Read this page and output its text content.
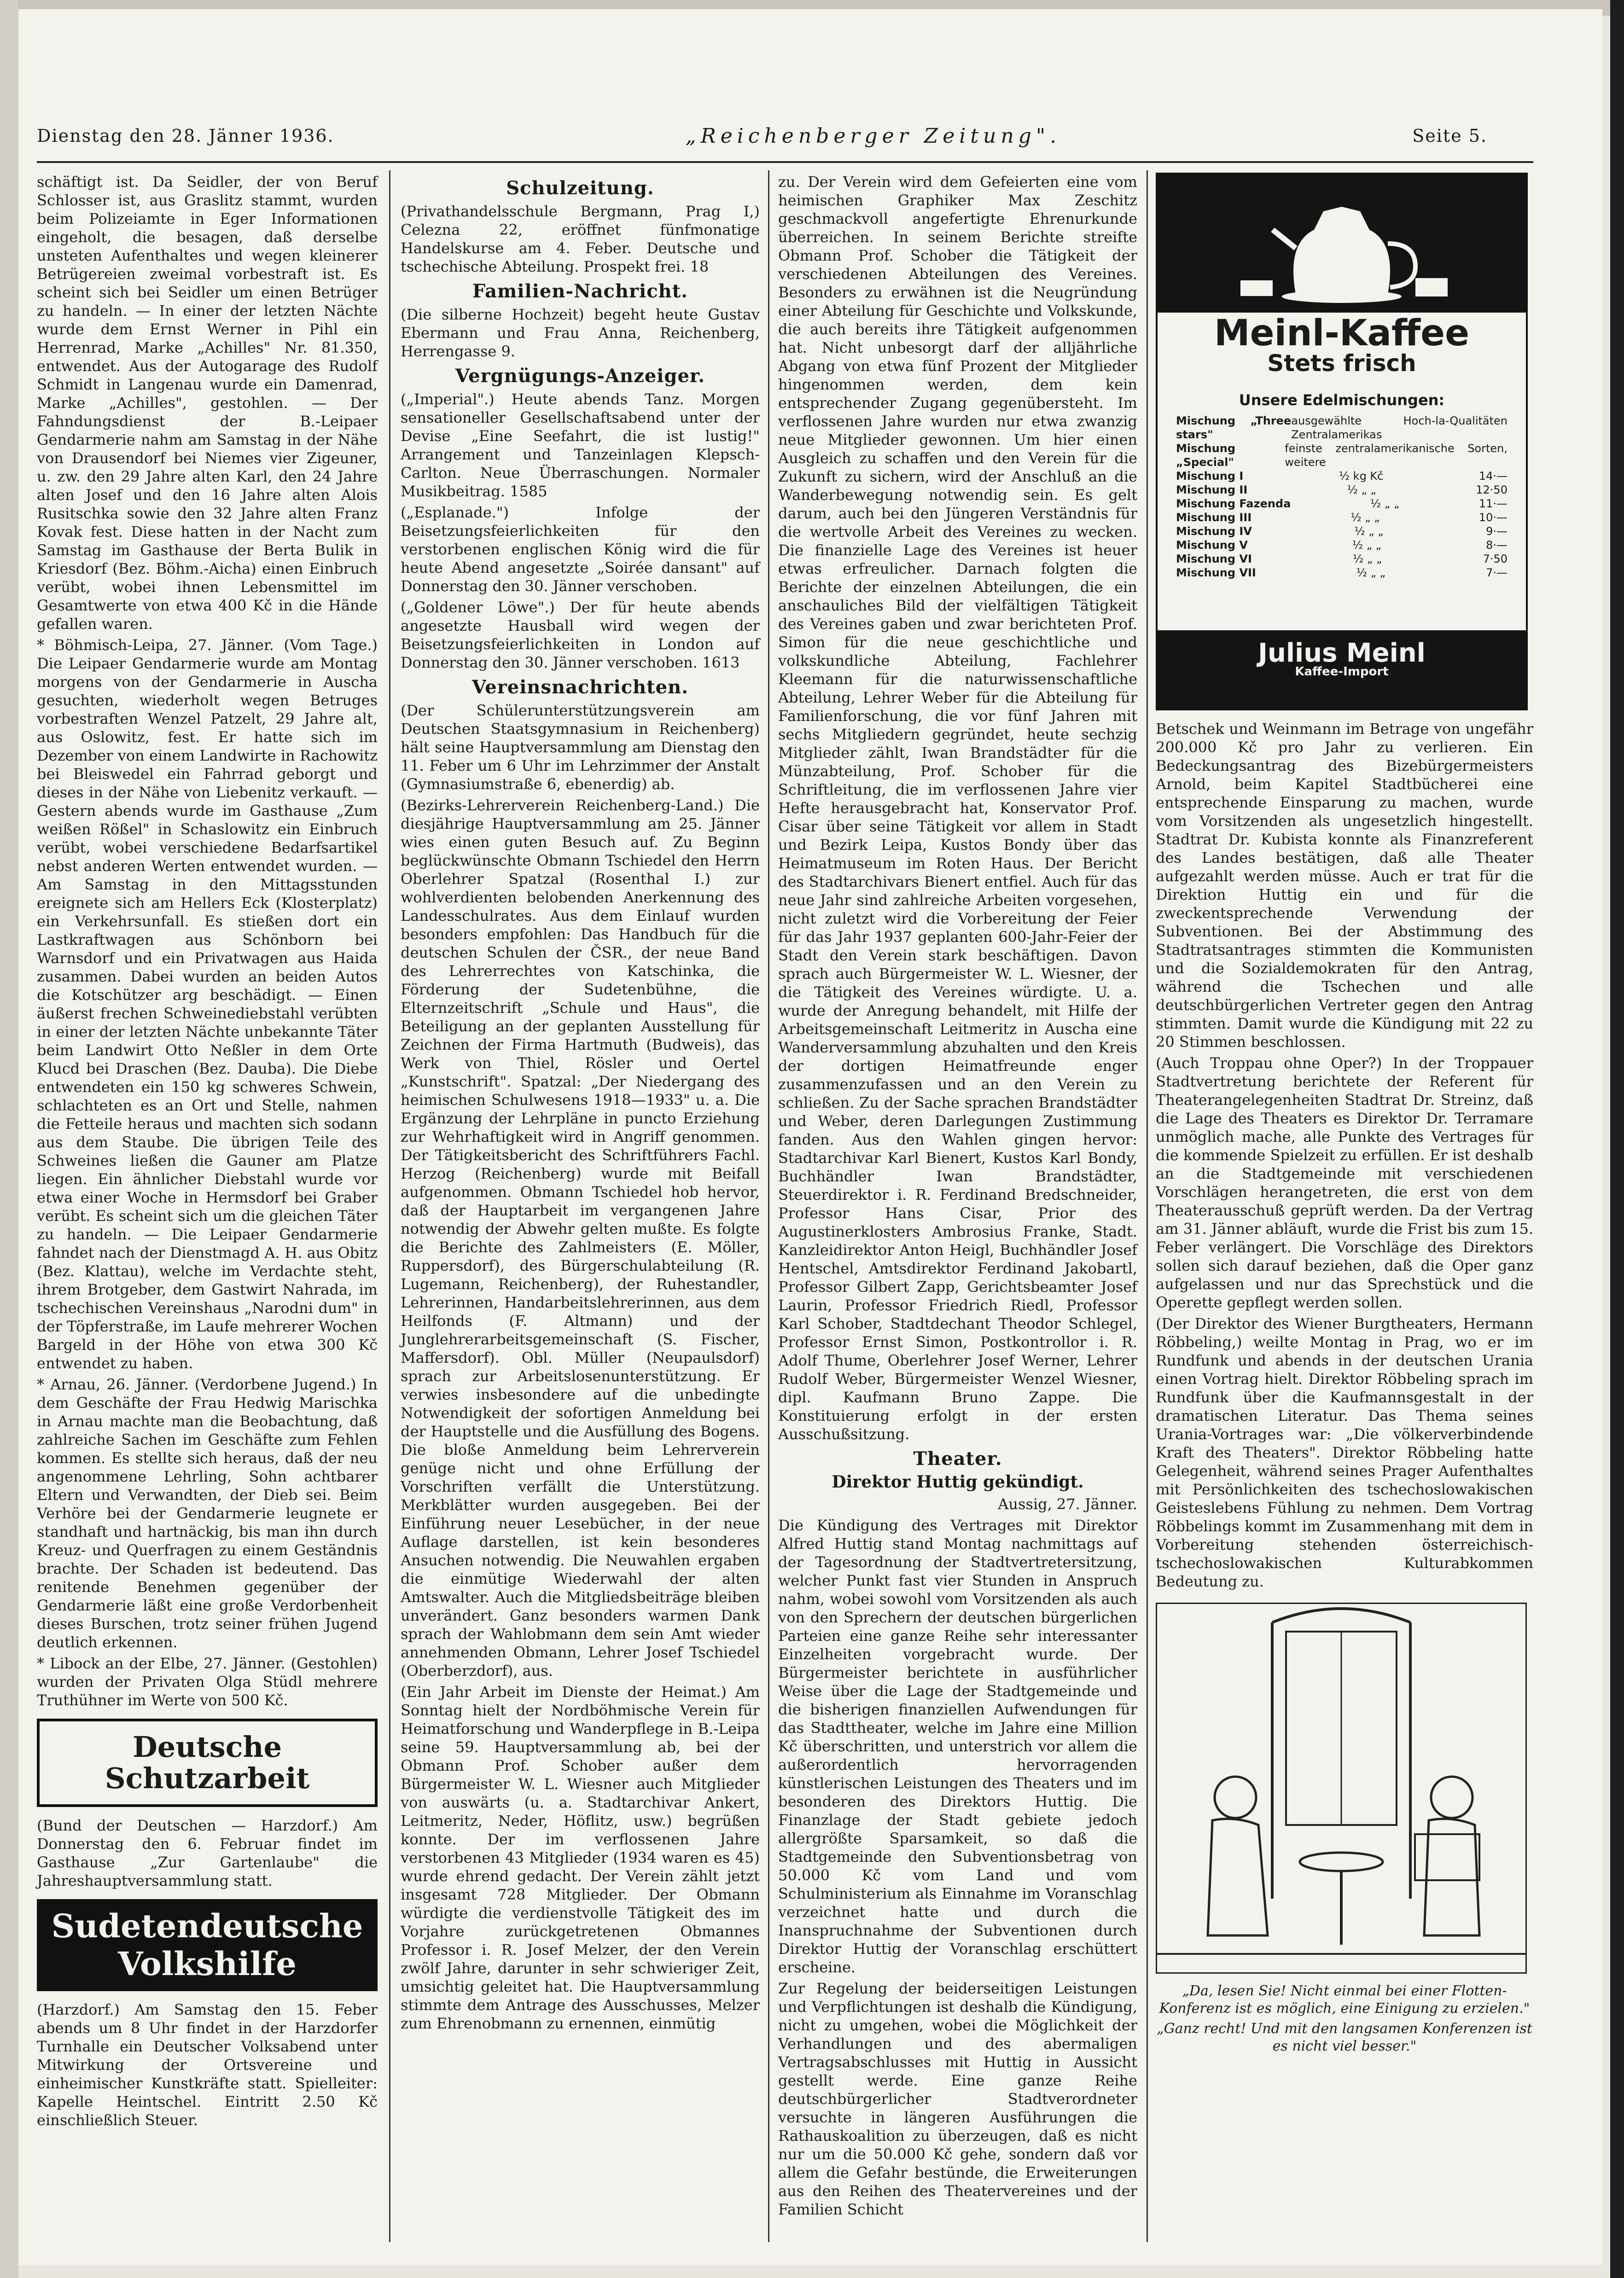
Dienstag den 28. Jänner 1936.	„Reichenberger Zeitung".	Seite 5.

schäftigt ist. Da Seidler, der von Beruf Schlosser ist, aus Graslitz stammt, wurden beim Polizeiamte in Eger Informationen eingeholt, die besagen, daß derselbe unsteten Aufenthaltes und wegen kleinerer Betrügereien zweimal vorbestraft ist. Es scheint sich bei Seidler um einen Betrüger zu handeln. — In einer der letzten Nächte wurde dem Ernst Werner in Pihl ein Herrenrad, Marke „Achilles" Nr. 81.350, entwendet. Aus der Autogarage des Rudolf Schmidt in Langenau wurde ein Damenrad, Marke „Achilles", gestohlen. — Der Fahndungsdienst der B.-Leipaer Gendarmerie nahm am Samstag in der Nähe von Drausendorf bei Niemes vier Zigeuner, u. zw. den 29 Jahre alten Karl, den 24 Jahre alten Josef und den 16 Jahre alten Alois Rusitschka sowie den 32 Jahre alten Franz Kovak fest. Diese hatten in der Nacht zum Samstag im Gasthause der Berta Bulik in Kriesdorf (Bez. Böhm.-Aicha) einen Einbruch verübt, wobei ihnen Lebensmittel im Gesamtwerte von etwa 400 Kč in die Hände gefallen waren.

* Böhmisch-Leipa, 27. Jänner. (Vom Tage.) Die Leipaer Gendarmerie wurde am Montag morgens von der Gendarmerie in Auscha gesuchten, wiederholt wegen Betruges vorbestraften Wenzel Patzelt, 29 Jahre alt, aus Oslowitz, fest. Er hatte sich im Dezember von einem Landwirte in Rachowitz bei Bleiswedel ein Fahrrad geborgt und dieses in der Nähe von Liebenitz verkauft. — Gestern abends wurde im Gasthause „Zum weißen Rößel" in Schaslowitz ein Einbruch verübt, wobei verschiedene Bedarfsartikel nebst anderen Werten entwendet wurden. — Am Samstag in den Mittagsstunden ereignete sich am Hellers Eck (Klosterplatz) ein Verkehrsunfall. Es stießen dort ein Lastkraftwagen aus Schönborn bei Warnsdorf und ein Privatwagen aus Haida zusammen. Dabei wurden an beiden Autos die Kotschützer arg beschädigt. — Einen äußerst frechen Schweinediebstahl verübten in einer der letzten Nächte unbekannte Täter beim Landwirt Otto Neßler in dem Orte Klucd bei Draschen (Bez. Dauba). Die Diebe entwendeten ein 150 kg schweres Schwein, schlachteten es an Ort und Stelle, nahmen die Fetteile heraus und machten sich sodann aus dem Staube. Die übrigen Teile des Schweines ließen die Gauner am Platze liegen. Ein ähnlicher Diebstahl wurde vor etwa einer Woche in Hermsdorf bei Graber verübt. Es scheint sich um die gleichen Täter zu handeln. — Die Leipaer Gendarmerie fahndet nach der Dienstmagd A. H. aus Obitz (Bez. Klattau), welche im Verdachte steht, ihrem Brotgeber, dem Gastwirt Nahrada, im tschechischen Vereinshaus „Narodni dum" in der Töpferstraße, im Laufe mehrerer Wochen Bargeld in der Höhe von etwa 300 Kč entwendet zu haben.

* Arnau, 26. Jänner. (Verdorbene Jugend.) In dem Geschäfte der Frau Hedwig Marischka in Arnau machte man die Beobachtung, daß zahlreiche Sachen im Geschäfte zum Fehlen kommen. Es stellte sich heraus, daß der neu angenommene Lehrling, Sohn achtbarer Eltern und Verwandten, der Dieb sei. Beim Verhöre bei der Gendarmerie leugnete er standhaft und hartnäckig, bis man ihn durch Kreuz- und Querfragen zu einem Geständnis brachte. Der Schaden ist bedeutend. Das renitende Benehmen gegenüber der Gendarmerie läßt eine große Verdorbenheit dieses Burschen, trotz seiner frühen Jugend deutlich erkennen.

* Libock an der Elbe, 27. Jänner. (Gestohlen) wurden der Privaten Olga Stüdl mehrere Truthühner im Werte von 500 Kč.

Deutsche Schutzarbeit

(Bund der Deutschen — Harzdorf.) Am Donnerstag den 6. Februar findet im Gasthause „Zur Gartenlaube" die Jahreshauptversammlung statt.

Sudetendeutsche
Volkshilfe

(Harzdorf.) Am Samstag den 15. Feber abends um 8 Uhr findet in der Harzdorfer Turnhalle ein Deutscher Volksabend unter Mitwirkung der Ortsvereine und einheimischer Kunstkräfte statt. Spielleiter: Kapelle Heintschel. Eintritt 2.50 Kč einschließlich Steuer.

Schulzeitung.

(Privathandelsschule Bergmann, Prag I,) Celezna 22, eröffnet fünfmonatige Handelskurse am 4. Feber. Deutsche und tschechische Abteilung. Prospekt frei. 18

Familien-Nachricht.

(Die silberne Hochzeit) begeht heute Gustav Ebermann und Frau Anna, Reichenberg, Herrengasse 9.

Vergnügungs-Anzeiger.

(„Imperial".) Heute abends Tanz. Morgen sensationeller Gesellschaftsabend unter der Devise „Eine Seefahrt, die ist lustig!" Arrangement und Tanzeinlagen Klepsch-Carlton. Neue Überraschungen. Normaler Musikbeitrag. 1585

(„Esplanade.") Infolge der Beisetzungsfeierlichkeiten für den verstorbenen englischen König wird die für heute Abend angesetzte „Soirée dansant" auf Donnerstag den 30. Jänner verschoben.

(„Goldener Löwe".) Der für heute abends angesetzte Hausball wird wegen der Beisetzungsfeierlichkeiten in London auf Donnerstag den 30. Jänner verschoben. 1613

Vereinsnachrichten.

(Der Schülerunterstützungsverein am Deutschen Staatsgymnasium in Reichenberg) hält seine Hauptversammlung am Dienstag den 11. Feber um 6 Uhr im Lehrzimmer der Anstalt (Gymnasiumstraße 6, ebenerdig) ab.

(Bezirks-Lehrerverein Reichenberg-Land.) Die diesjährige Hauptversammlung am 25. Jänner wies einen guten Besuch auf. Zu Beginn beglückwünschte Obmann Tschiedel den Herrn Oberlehrer Spatzal (Rosenthal I.) zur wohlverdienten belobenden Anerkennung des Landesschulrates. Aus dem Einlauf wurden besonders empfohlen: Das Handbuch für die deutschen Schulen der ČSR., der neue Band des Lehrerrechtes von Katschinka, die Förderung der Sudetenbühne, die Elternzeitschrift „Schule und Haus", die Beteiligung an der geplanten Ausstellung für Zeichnen der Firma Hartmuth (Budweis), das Werk von Thiel, Rösler und Oertel „Kunstschrift". Spatzal: „Der Niedergang des heimischen Schulwesens 1918—1933" u. a. Die Ergänzung der Lehrpläne in puncto Erziehung zur Wehrhaftigkeit wird in Angriff genommen. Der Tätigkeitsbericht des Schriftführers Fachl. Herzog (Reichenberg) wurde mit Beifall aufgenommen. Obmann Tschiedel hob hervor, daß der Hauptarbeit im vergangenen Jahre notwendig der Abwehr gelten mußte. Es folgte die Berichte des Zahlmeisters (E. Möller, Ruppersdorf), des Bürgerschulabteilung (R. Lugemann, Reichenberg), der Ruhestandler, Lehrerinnen, Handarbeitslehrerinnen, aus dem Heilfonds (F. Altmann) und der Junglehrerarbeitsgemeinschaft (S. Fischer, Maffersdorf). Obl. Müller (Neupaulsdorf) sprach zur Arbeitslosenunterstützung. Er verwies insbesondere auf die unbedingte Notwendigkeit der sofortigen Anmeldung bei der Hauptstelle und die Ausfüllung des Bogens. Die bloße Anmeldung beim Lehrerverein genüge nicht und ohne Erfüllung der Vorschriften verfällt die Unterstützung. Merkblätter wurden ausgegeben. Bei der Einführung neuer Lesebücher, in der neue Auflage darstellen, ist kein besonderes Ansuchen notwendig. Die Neuwahlen ergaben die einmütige Wiederwahl der alten Amtswalter. Auch die Mitgliedsbeiträge bleiben unverändert. Ganz besonders warmen Dank sprach der Wahlobmann dem sein Amt wieder annehmenden Obmann, Lehrer Josef Tschiedel (Oberberzdorf), aus.

(Ein Jahr Arbeit im Dienste der Heimat.) Am Sonntag hielt der Nordböhmische Verein für Heimatforschung und Wanderpflege in B.-Leipa seine 59. Hauptversammlung ab, bei der Obmann Prof. Schober außer dem Bürgermeister W. L. Wiesner auch Mitglieder von auswärts (u. a. Stadtarchivar Ankert, Leitmeritz, Neder, Höflitz, usw.) begrüßen konnte. Der im verflossenen Jahre verstorbenen 43 Mitglieder (1934 waren es 45) wurde ehrend gedacht. Der Verein zählt jetzt insgesamt 728 Mitglieder. Der Obmann würdigte die verdienstvolle Tätigkeit des im Vorjahre zurückgetretenen Obmannes Professor i. R. Josef Melzer, der den Verein zwölf Jahre, darunter in sehr schwieriger Zeit, umsichtig geleitet hat. Die Hauptversammlung stimmte dem Antrage des Ausschusses, Melzer zum Ehrenobmann zu ernennen, einmütig

zu. Der Verein wird dem Gefeierten eine vom heimischen Graphiker Max Zeschitz geschmackvoll angefertigte Ehrenurkunde überreichen. In seinem Berichte streifte Obmann Prof. Schober die Tätigkeit der verschiedenen Abteilungen des Vereines. Besonders zu erwähnen ist die Neugründung einer Abteilung für Geschichte und Volkskunde, die auch bereits ihre Tätigkeit aufgenommen hat. Nicht unbesorgt darf der alljährliche Abgang von etwa fünf Prozent der Mitglieder hingenommen werden, dem kein entsprechender Zugang gegenübersteht. Im verflossenen Jahre wurden nur etwa zwanzig neue Mitglieder gewonnen. Um hier einen Ausgleich zu schaffen und den Verein für die Zukunft zu sichern, wird der Anschluß an die Wanderbewegung notwendig sein. Es gelt darum, auch bei den Jüngeren Verständnis für die wertvolle Arbeit des Vereines zu wecken. Die finanzielle Lage des Vereines ist heuer etwas erfreulicher. Darnach folgten die Berichte der einzelnen Abteilungen, die ein anschauliches Bild der vielfältigen Tätigkeit des Vereines gaben und zwar berichteten Prof. Simon für die neue geschichtliche und volkskundliche Abteilung, Fachlehrer Kleemann für die naturwissenschaftliche Abteilung, Lehrer Weber für die Abteilung für Familienforschung, die vor fünf Jahren mit sechs Mitgliedern gegründet, heute sechzig Mitglieder zählt, Iwan Brandstädter für die Münzabteilung, Prof. Schober für die Schriftleitung, die im verflossenen Jahre vier Hefte herausgebracht hat, Konservator Prof. Cisar über seine Tätigkeit vor allem in Stadt und Bezirk Leipa, Kustos Bondy über das Heimatmuseum im Roten Haus. Der Bericht des Stadtarchivars Bienert entfiel. Auch für das neue Jahr sind zahlreiche Arbeiten vorgesehen, nicht zuletzt wird die Vorbereitung der Feier für das Jahr 1937 geplanten 600-Jahr-Feier der Stadt den Verein stark beschäftigen. Davon sprach auch Bürgermeister W. L. Wiesner, der die Tätigkeit des Vereines würdigte. U. a. wurde der Anregung behandelt, mit Hilfe der Arbeitsgemeinschaft Leitmeritz in Auscha eine Wanderversammlung abzuhalten und den Kreis der dortigen Heimatfreunde enger zusammenzufassen und an den Verein zu schließen. Zu der Sache sprachen Brandstädter und Weber, deren Darlegungen Zustimmung fanden. Aus den Wahlen gingen hervor: Stadtarchivar Karl Bienert, Kustos Karl Bondy, Buchhändler Iwan Brandstädter, Steuerdirektor i. R. Ferdinand Bredschneider, Professor Hans Cisar, Prior des Augustinerklosters Ambrosius Franke, Stadt. Kanzleidirektor Anton Heigl, Buchhändler Josef Hentschel, Amtsdirektor Ferdinand Jakobartl, Professor Gilbert Zapp, Gerichtsbeamter Josef Laurin, Professor Friedrich Riedl, Professor Karl Schober, Stadtdechant Theodor Schlegel, Professor Ernst Simon, Postkontrollor i. R. Adolf Thume, Oberlehrer Josef Werner, Lehrer Rudolf Weber, Bürgermeister Wenzel Wiesner, dipl. Kaufmann Bruno Zappe. Die Konstituierung erfolgt in der ersten Ausschußsitzung.

Theater.
Direktor Huttig gekündigt.

Aussig, 27. Jänner.

Die Kündigung des Vertrages mit Direktor Alfred Huttig stand Montag nachmittags auf der Tagesordnung der Stadtvertretersitzung, welcher Punkt fast vier Stunden in Anspruch nahm, wobei sowohl vom Vorsitzenden als auch von den Sprechern der deutschen bürgerlichen Parteien eine ganze Reihe sehr interessanter Einzelheiten vorgebracht wurde. Der Bürgermeister berichtete in ausführlicher Weise über die Lage der Stadtgemeinde und die bisherigen finanziellen Aufwendungen für das Stadttheater, welche im Jahre eine Million Kč überschritten, und unterstrich vor allem die außerordentlich hervorragenden künstlerischen Leistungen des Theaters und im besonderen des Direktors Huttig. Die Finanzlage der Stadt gebiete jedoch allergrößte Sparsamkeit, so daß die Stadtgemeinde den Subventionsbetrag von 50.000 Kč vom Land und vom Schulministerium als Einnahme im Voranschlag verzeichnet hatte und durch die Inanspruchnahme der Subventionen durch Direktor Huttig der Voranschlag erschüttert erscheine.

Zur Regelung der beiderseitigen Leistungen und Verpflichtungen ist deshalb die Kündigung, nicht zu umgehen, wobei die Möglichkeit der Verhandlungen und des abermaligen Vertragsabschlusses mit Huttig in Aussicht gestellt werde. Eine ganze Reihe deutschbürgerlicher Stadtverordneter versuchte in längeren Ausführungen die Rathauskoalition zu überzeugen, daß es nicht nur um die 50.000 Kč gehe, sondern daß vor allem die Gefahr bestünde, die Erweiterungen aus den Reihen des Theatervereines und der Familien Schicht

Meinl-Kaffee
Stets frisch
Unsere Edelmischungen:
Mischung „Three stars"
ausgewählte Hoch-la-Qualitäten Zentralamerikas
Mischung „Special"
feinste zentralamerikanische Sorten, weitere
Mischung I	½ kg Kč	14·—
Mischung II	½ „ „	12·50
Mischung Fazenda	½ „ „	11·—
Mischung III	½ „ „	10·—
Mischung IV	½ „ „	9·—
Mischung V	½ „ „	8·—
Mischung VI	½ „ „	7·50
Mischung VII	½ „ „	7·—
Julius Meinl
Kaffee-Import

Betschek und Weinmann im Betrage von ungefähr 200.000 Kč pro Jahr zu verlieren. Ein Bedeckungsantrag des Bizebürgermeisters Arnold, beim Kapitel Stadtbücherei eine entsprechende Einsparung zu machen, wurde vom Vorsitzenden als ungesetzlich hingestellt. Stadtrat Dr. Kubista konnte als Finanzreferent des Landes bestätigen, daß alle Theater aufgezahlt werden müsse. Auch er trat für die Direktion Huttig ein und für die zweckentsprechende Verwendung der Subventionen. Bei der Abstimmung des Stadtratsantrages stimmten die Kommunisten und die Sozialdemokraten für den Antrag, während die Tschechen und alle deutschbürgerlichen Vertreter gegen den Antrag stimmten. Damit wurde die Kündigung mit 22 zu 20 Stimmen beschlossen.

(Auch Troppau ohne Oper?) In der Troppauer Stadtvertretung berichtete der Referent für Theaterangelegenheiten Stadtrat Dr. Streinz, daß die Lage des Theaters es Direktor Dr. Terramare unmöglich mache, alle Punkte des Vertrages für die kommende Spielzeit zu erfüllen. Er ist deshalb an die Stadtgemeinde mit verschiedenen Vorschlägen herangetreten, die erst von dem Theaterausschuß geprüft werden. Da der Vertrag am 31. Jänner abläuft, wurde die Frist bis zum 15. Feber verlängert. Die Vorschläge des Direktors sollen sich darauf beziehen, daß die Oper ganz aufgelassen und nur das Sprechstück und die Operette gepflegt werden sollen.

(Der Direktor des Wiener Burgtheaters, Hermann Röbbeling,) weilte Montag in Prag, wo er im Rundfunk und abends in der deutschen Urania einen Vortrag hielt. Direktor Röbbeling sprach im Rundfunk über die Kaufmannsgestalt in der dramatischen Literatur. Das Thema seines Urania-Vortrages war: „Die völkerverbindende Kraft des Theaters". Direktor Röbbeling hatte Gelegenheit, während seines Prager Aufenthaltes mit Persönlichkeiten des tschechoslowakischen Geisteslebens Fühlung zu nehmen. Dem Vortrag Röbbelings kommt im Zusammenhang mit dem in Vorbereitung stehenden österreichisch-tschechoslowakischen Kulturabkommen Bedeutung zu.

„Da, lesen Sie! Nicht einmal bei einer Flotten-Konferenz ist es möglich, eine Einigung zu erzielen."

„Ganz recht! Und mit den langsamen Konferenzen ist es nicht viel besser."
